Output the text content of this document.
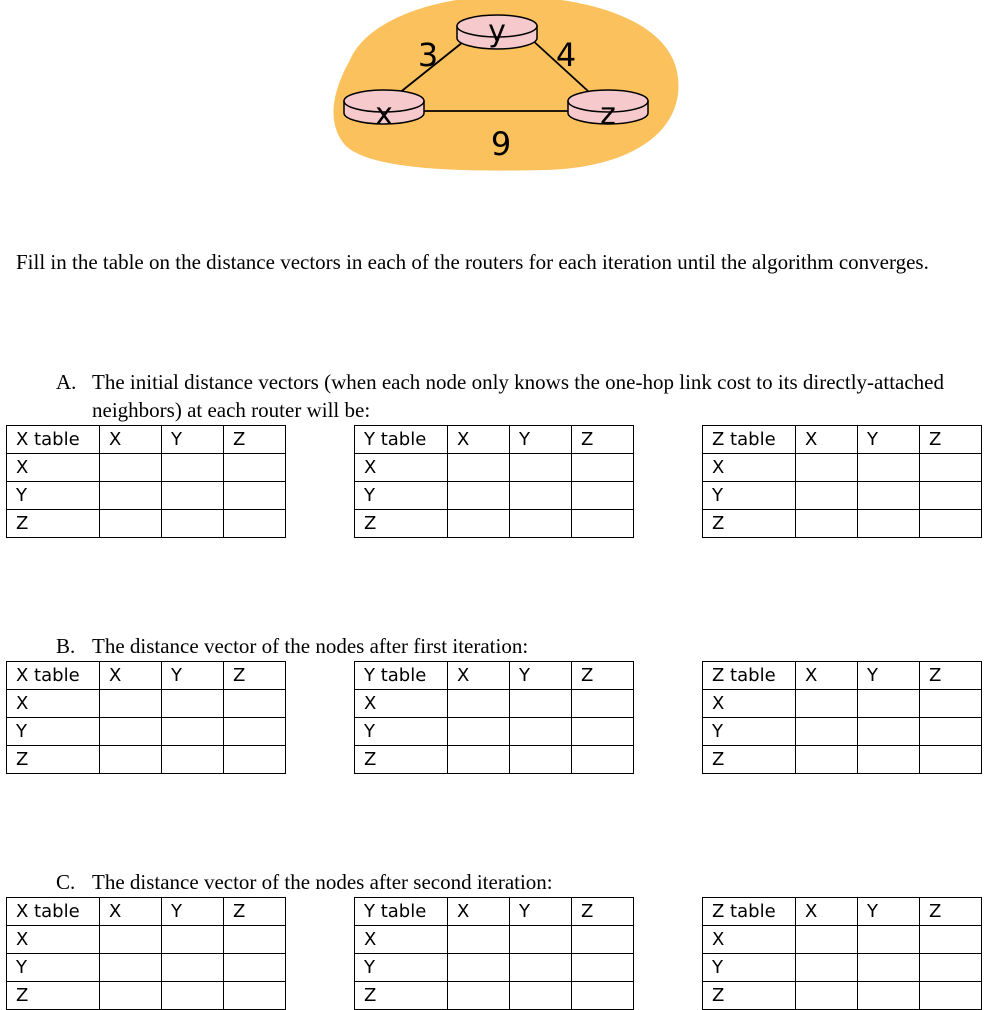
y
x	z
3	4
9

Fill in the table on the distance vectors in each of the routers for each iteration until the algorithm converges.

A. The initial distance vectors (when each node only knows the one-hop link cost to its directly-attached neighbors) at each router will be:
B. The distance vector of the nodes after first iteration:
C. The distance vector of the nodes after second iteration:
X table	X	Y	Z
X			
Y			
Z			
Y table	X	Y	Z
X			
Y			
Z			
Z table	X	Y	Z
X			
Y			
Z			
X table	X	Y	Z
X			
Y			
Z			
Y table	X	Y	Z
X			
Y			
Z			
Z table	X	Y	Z
X			
Y			
Z			
X table	X	Y	Z
X			
Y			
Z			
Y table	X	Y	Z
X			
Y			
Z			
Z table	X	Y	Z
X			
Y			
Z			
